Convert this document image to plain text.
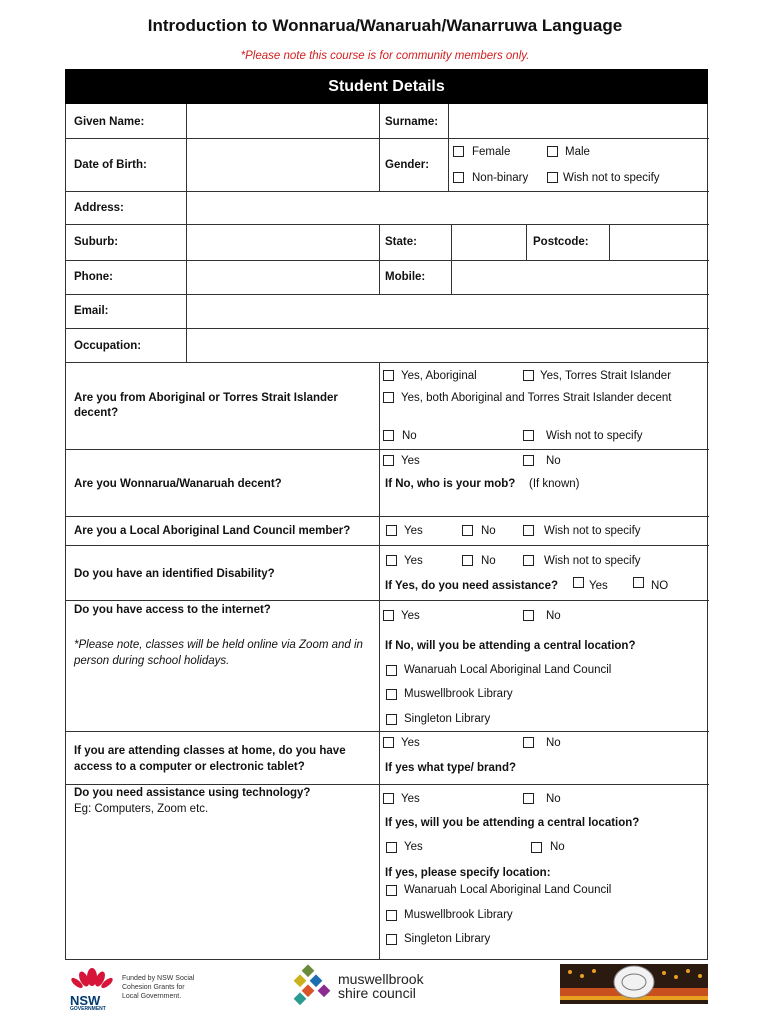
Introduction to Wonnarua/Wanaruah/Wanarruwa Language
*Please note this course is for community members only.
Student Details
Given Name:	Surname:
Date of Birth:	Gender:
Female	Male
Non-binary	Wish not to specify
Address:
Suburb:	State:	Postcode:
Phone:	Mobile:
Email:
Occupation:
Are you from Aboriginal or Torres Strait Islander decent?
Yes, Aboriginal	Yes, Torres Strait Islander
Yes, both Aboriginal and Torres Strait Islander decent
No	Wish not to specify
Are you Wonnarua/Wanaruah decent?
Yes	No
If No, who is your mob? (If known)
Are you a Local Aboriginal Land Council member?	Yes	No	Wish not to specify
Do you have an identified Disability?
Yes	No	Wish not to specify
If Yes, do you need assistance?	Yes	NO
Do you have access to the internet?
*Please note, classes will be held online via Zoom and in person during school holidays.
Yes	No
If No, will you be attending a central location?
Wanaruah Local Aboriginal Land Council
Muswellbrook Library
Singleton Library
If you are attending classes at home, do you have access to a computer or electronic tablet?
Yes	No
If yes what type/ brand?
Do you need assistance using technology?
Eg: Computers, Zoom etc.
Yes	No
If yes, will you be attending a central location?
Yes	No
If yes, please specify location:
Wanaruah Local Aboriginal Land Council
Muswellbrook Library
Singleton Library
NSW
GOVERNMENT
Funded by NSW Social
Cohesion Grants for
Local Government.
muswellbrook
shire council
